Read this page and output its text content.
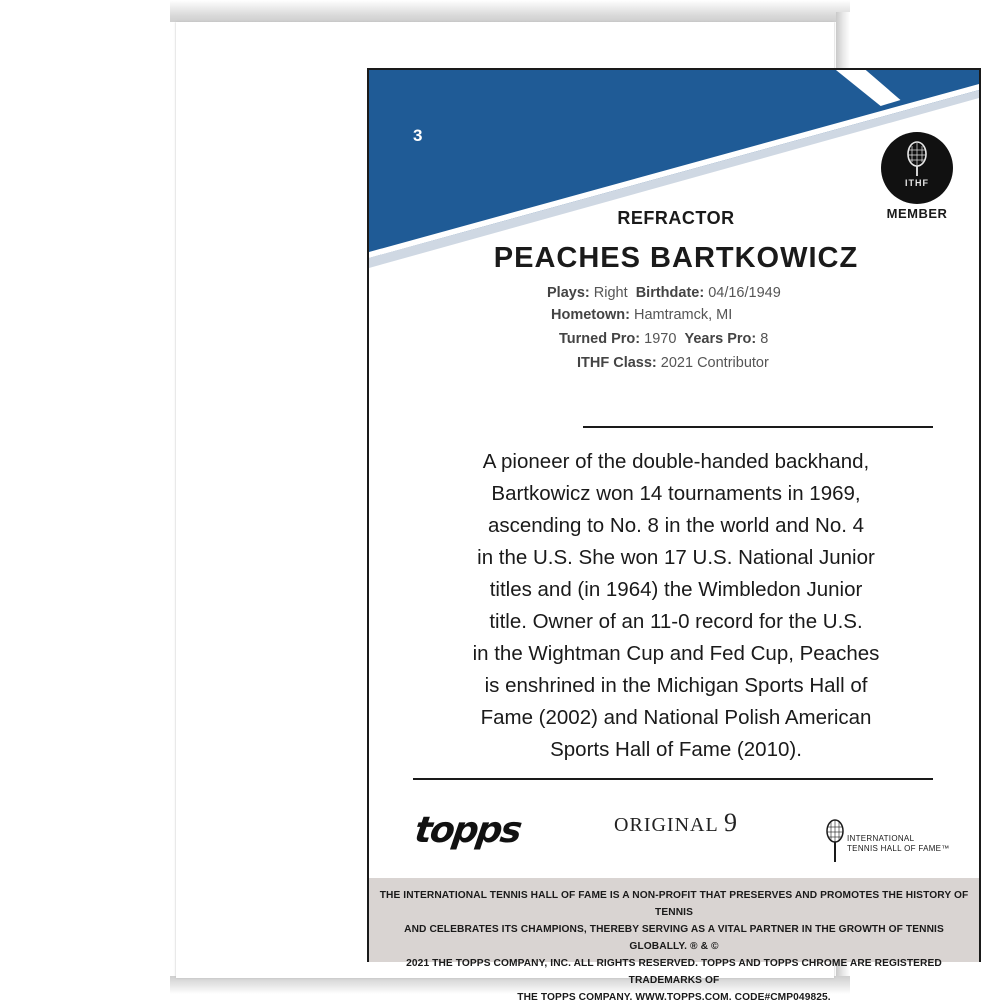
3
ITHF
MEMBER
REFRACTOR
PEACHES BARTKOWICZ
Plays: Right Birthdate: 04/16/1949
Hometown: Hamtramck, MI
Turned Pro: 1970 Years Pro: 8
ITHF Class: 2021 Contributor
A pioneer of the double-handed backhand,
Bartkowicz won 14 tournaments in 1969,
ascending to No. 8 in the world and No. 4
in the U.S. She won 17 U.S. National Junior
titles and (in 1964) the Wimbledon Junior
title. Owner of an 11-0 record for the U.S.
in the Wightman Cup and Fed Cup, Peaches
is enshrined in the Michigan Sports Hall of
Fame (2002) and National Polish American
Sports Hall of Fame (2010).
topps	ORIGINAL 9
INTERNATIONAL
TENNIS HALL OF FAME™
THE INTERNATIONAL TENNIS HALL OF FAME IS A NON-PROFIT THAT PRESERVES AND PROMOTES THE HISTORY OF TENNIS
AND CELEBRATES ITS CHAMPIONS, THEREBY SERVING AS A VITAL PARTNER IN THE GROWTH OF TENNIS GLOBALLY. ® & ©
2021 THE TOPPS COMPANY, INC. ALL RIGHTS RESERVED. TOPPS AND TOPPS CHROME ARE REGISTERED TRADEMARKS OF
THE TOPPS COMPANY. WWW.TOPPS.COM. CODE#CMP049825.
